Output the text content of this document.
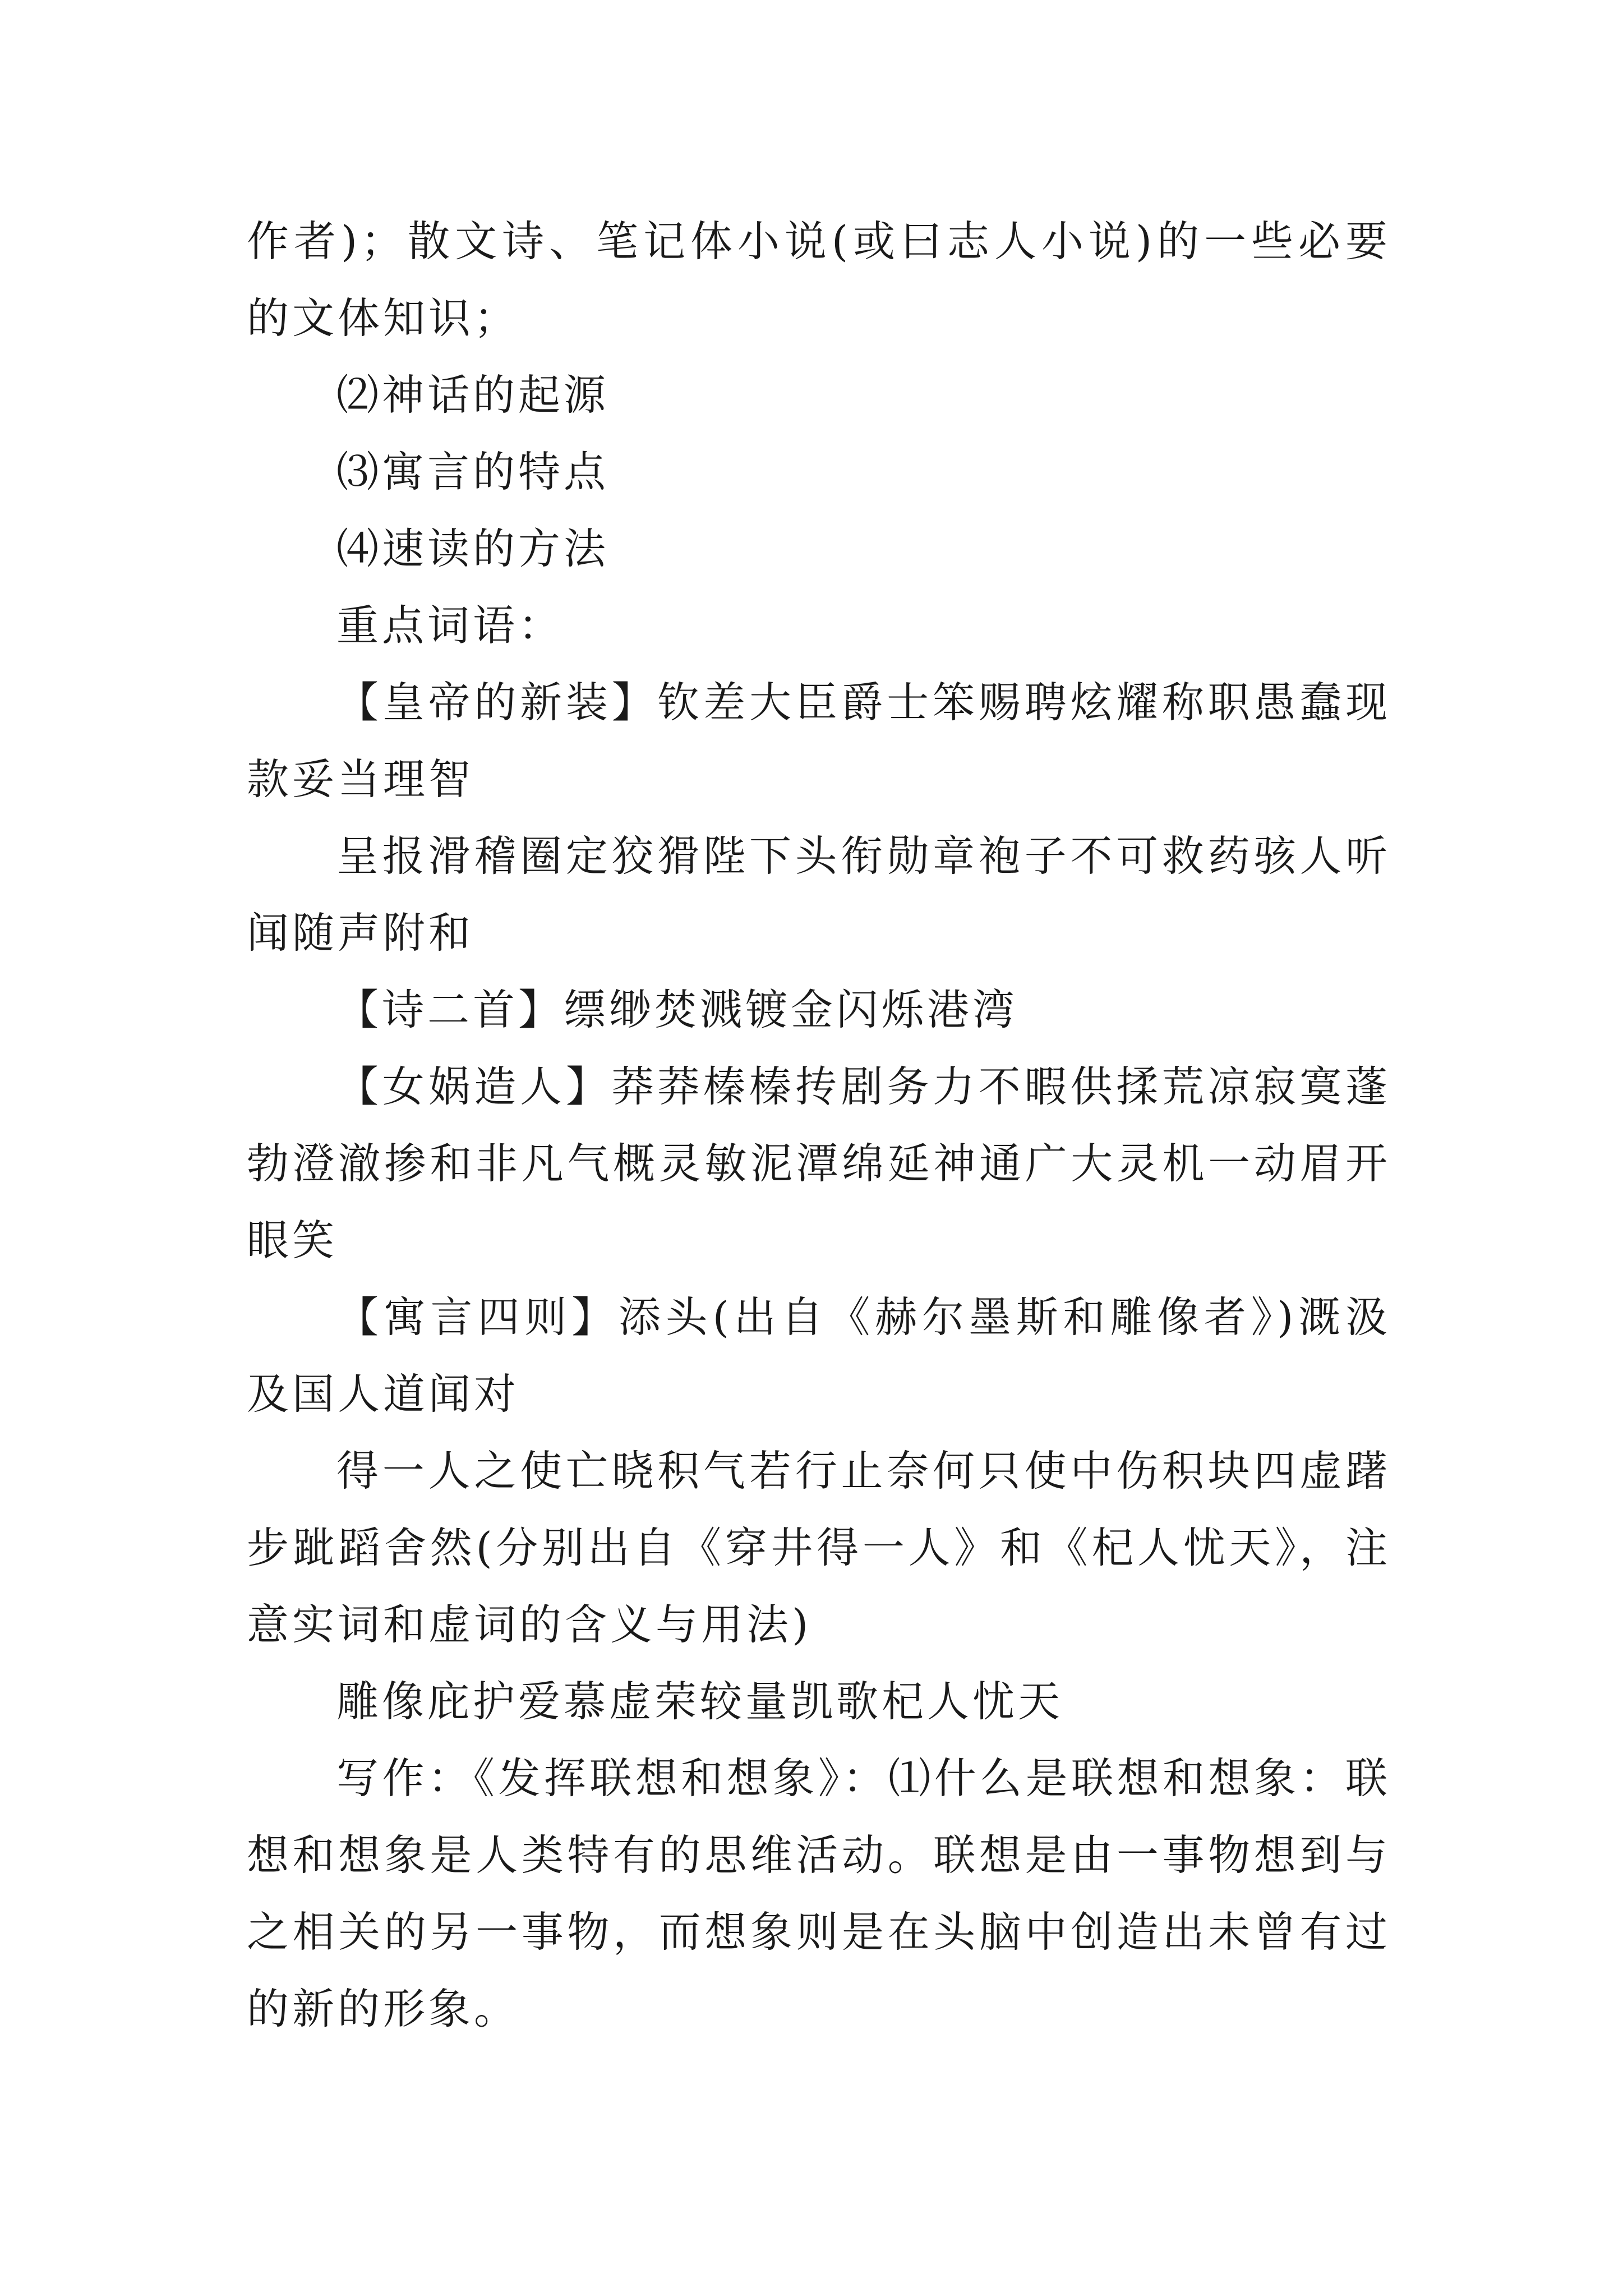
作者)；散文诗、笔记体小说(或曰志人小说)的一些必要的文体知识；

⑵神话的起源

⑶寓言的特点

⑷速读的方法

重点词语：

【皇帝的新装】钦差大臣爵士笨赐聘炫耀称职愚蠢现款妥当理智

呈报滑稽圈定狡猾陛下头衔勋章袍子不可救药骇人听闻随声附和

【诗二首】缥缈焚溅镀金闪烁港湾

【女娲造人】莽莽榛榛抟剧务力不暇供揉荒凉寂寞蓬勃澄澈掺和非凡气概灵敏泥潭绵延神通广大灵机一动眉开眼笑

【寓言四则】添头(出自《赫尔墨斯和雕像者》)溉汲及国人道闻对

得一人之使亡晓积气若行止奈何只使中伤积块四虚躇步跐蹈舍然(分别出自《穿井得一人》和《杞人忧天》，注意实词和虚词的含义与用法)

雕像庇护爱慕虚荣较量凯歌杞人忧天

写作：《发挥联想和想象》：⑴什么是联想和想象：联想和想象是人类特有的思维活动。联想是由一事物想到与之相关的另一事物，而想象则是在头脑中创造出未曾有过的新的形象。
